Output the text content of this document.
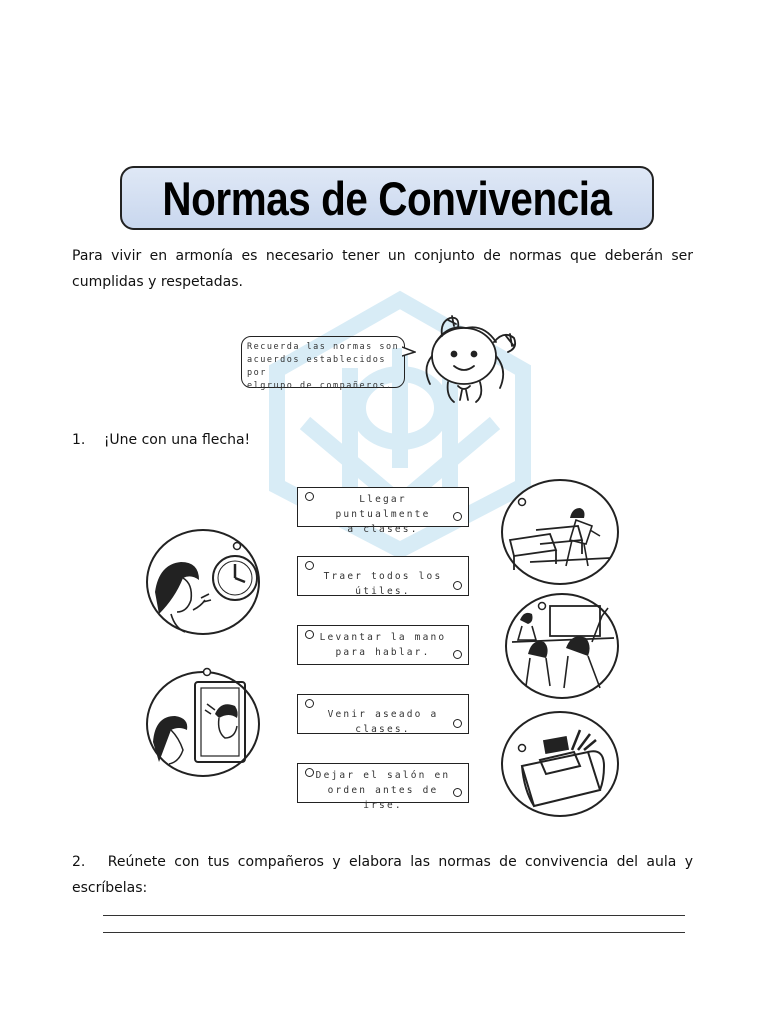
Normas de Convivencia
Para vivir en armonía es necesario tener un conjunto de normas que deberán ser cumplidas y respetadas.
Recuerda las normas son
acuerdos establecidos por
elgrupo de compañeros.
1. ¡Une con una flecha!
Llegar puntualmente
a clases.
Traer todos los útiles.
Levantar la mano
para hablar.
Venir aseado a clases.
Dejar el salón en
orden antes de irse.
2. Reúnete con tus compañeros y elabora las normas de convivencia del aula y escríbelas:
